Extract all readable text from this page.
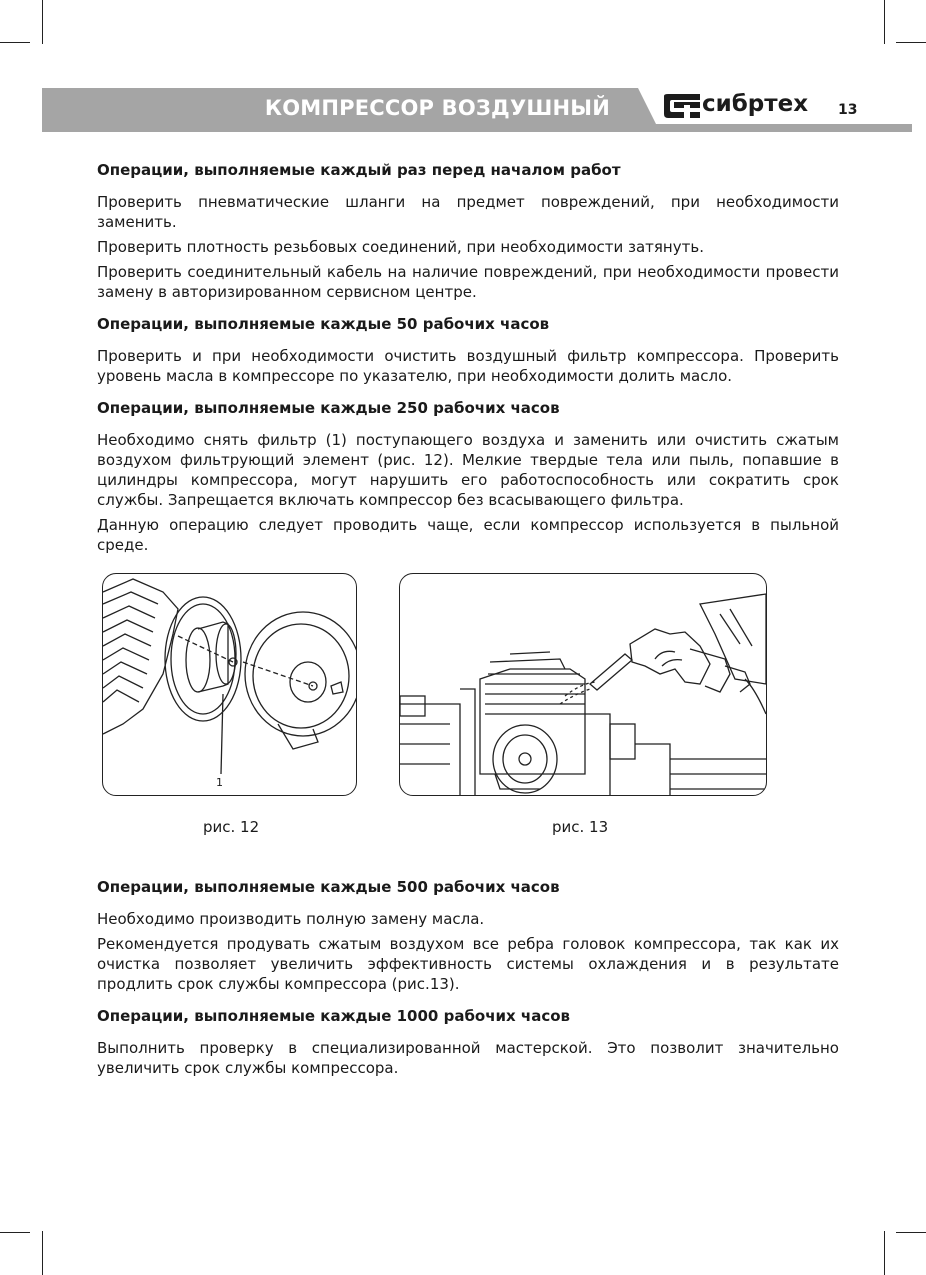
КОМПРЕССОР ВОЗДУШНЫЙ	сибртех 13
Операции, выполняемые каждый раз перед началом работ

Проверить пневматические шланги на предмет повреждений, при необходимости заменить.

Проверить плотность резьбовых соединений, при необходимости затянуть.

Проверить соединительный кабель на наличие повреждений, при необходимости провести замену в авторизированном сервисном центре.

Операции, выполняемые каждые 50 рабочих часов

Проверить и при необходимости очистить воздушный фильтр компрессора. Проверить уровень масла в компрессоре по указателю, при необходимости долить масло.

Операции, выполняемые каждые 250 рабочих часов

Необходимо снять фильтр (1) поступающего воздуха и заменить или очистить сжатым воздухом фильтрующий элемент (рис. 12). Мелкие твердые тела или пыль, попавшие в цилиндры компрессора, могут нарушить его работоспособность или сократить срок службы. Запрещается включать компрессор без всасывающего фильтра.

Данную операцию следует проводить чаще, если компрессор используется в пыльной среде.

1
рис. 12	рис. 13
Операции, выполняемые каждые 500 рабочих часов

Необходимо производить полную замену масла.

Рекомендуется продувать сжатым воздухом все ребра головок компрессора, так как их очистка позволяет увеличить эффективность системы охлаждения и в результате продлить срок службы компрессора (рис.13).

Операции, выполняемые каждые 1000 рабочих часов

Выполнить проверку в специализированной мастерской. Это позволит значительно увеличить срок службы компрессора.
